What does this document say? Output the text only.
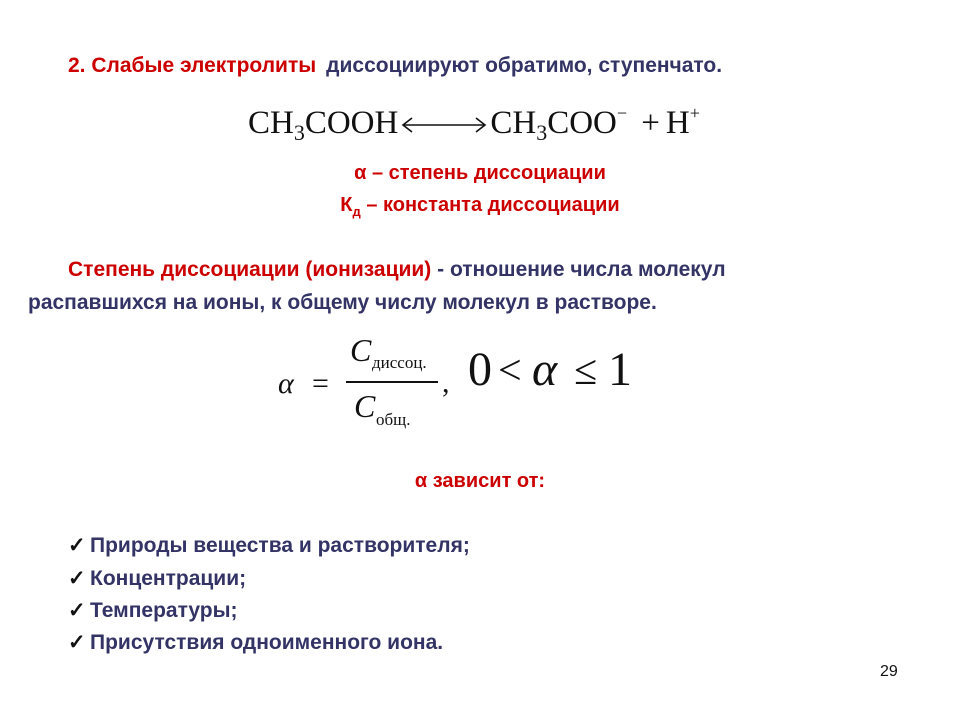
2. Слабые электролиты диссоциируют обратимо, ступенчато.
$CH_3COOH$	$CH_3COO^- + H^+$
α – степень диссоциации
$К_д$ – константа диссоциации
Степень диссоциации (ионизации) - отношение числа молекул
распавшихся на ионы, к общему числу молекул в растворе.
α =
C диссоц.
C общ.
, 0 < α ≤ 1
α зависит от:
✓ Природы вещества и растворителя;
✓ Концентрации;
✓ Температуры;
✓ Присутствия одноименного иона.
29
